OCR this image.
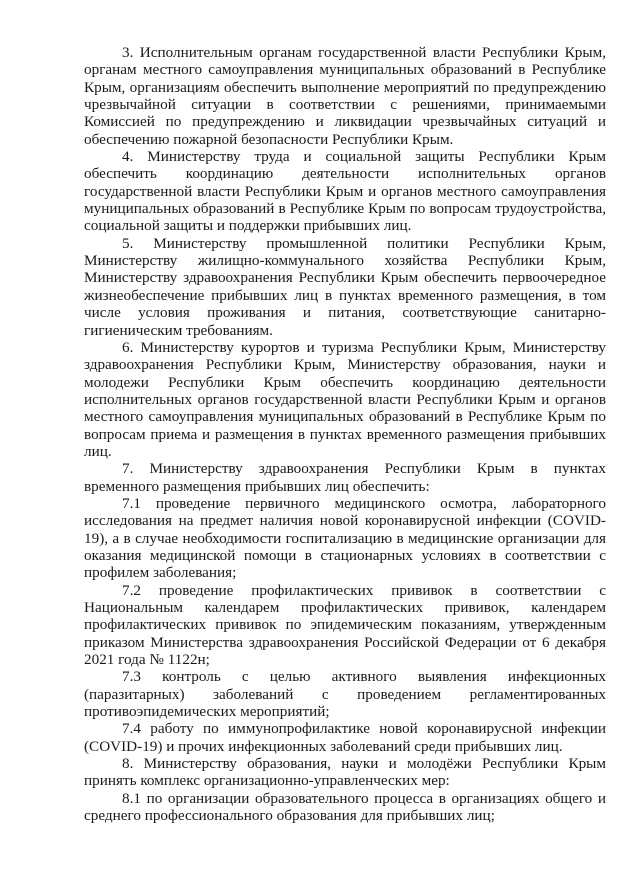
3. Исполнительным органам государственной власти Республики Крым, органам местного самоуправления муниципальных образований в Республике Крым, организациям обеспечить выполнение мероприятий по предупреждению чрезвычайной ситуации в соответствии с решениями, принимаемыми Комиссией по предупреждению и ликвидации чрезвычайных ситуаций и обеспечению пожарной безопасности Республики Крым.

4. Министерству труда и социальной защиты Республики Крым обеспечить координацию деятельности исполнительных органов государственной власти Республики Крым и органов местного самоуправления муниципальных образований в Республике Крым по вопросам трудоустройства, социальной защиты и поддержки прибывших лиц.

5. Министерству промышленной политики Республики Крым, Министерству жилищно-коммунального хозяйства Республики Крым, Министерству здравоохранения Республики Крым обеспечить первоочередное жизнеобеспечение прибывших лиц в пунктах временного размещения, в том числе условия проживания и питания, соответствующие санитарно-гигиеническим требованиям.

6. Министерству курортов и туризма Республики Крым, Министерству здравоохранения Республики Крым, Министерству образования, науки и молодежи Республики Крым обеспечить координацию деятельности исполнительных органов государственной власти Республики Крым и органов местного самоуправления муниципальных образований в Республике Крым по вопросам приема и размещения в пунктах временного размещения прибывших лиц.

7. Министерству здравоохранения Республики Крым в пунктах временного размещения прибывших лиц обеспечить:

7.1 проведение первичного медицинского осмотра, лабораторного исследования на предмет наличия новой коронавирусной инфекции (COVID-19), а в случае необходимости госпитализацию в медицинские организации для оказания медицинской помощи в стационарных условиях в соответствии с профилем заболевания;

7.2 проведение профилактических прививок в соответствии с Национальным календарем профилактических прививок, календарем профилактических прививок по эпидемическим показаниям, утвержденным приказом Министерства здравоохранения Российской Федерации от 6 декабря 2021 года № 1122н;

7.3 контроль с целью активного выявления инфекционных (паразитарных) заболеваний с проведением регламентированных противоэпидемических мероприятий;

7.4 работу по иммунопрофилактике новой коронавирусной инфекции (COVID-19) и прочих инфекционных заболеваний среди прибывших лиц.

8. Министерству образования, науки и молодёжи Республики Крым принять комплекс организационно-управленческих мер:

8.1 по организации образовательного процесса в организациях общего и среднего профессионального образования для прибывших лиц;
